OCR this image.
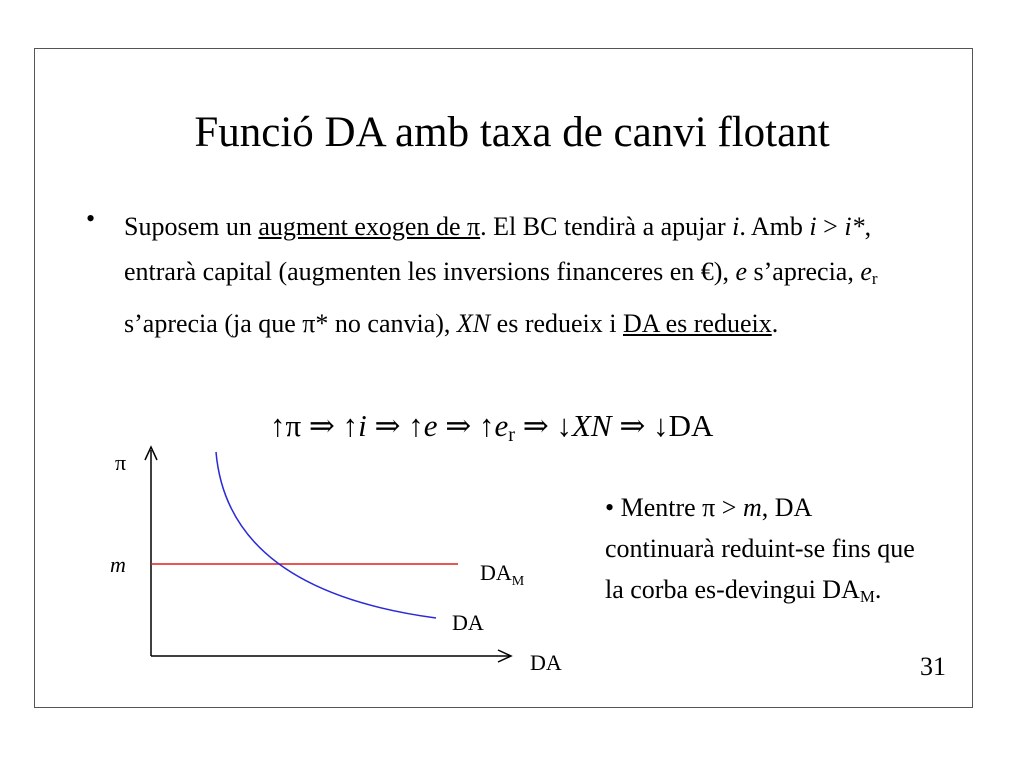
Funció DA amb taxa de canvi flotant
• Suposem un augment exogen de π. El BC tendirà a apujar i. Amb i > i*, entrarà capital (augmenten les inversions financeres en €), e s’aprecia, $e_r$ s’aprecia (ja que π* no canvia), XN es redueix i DA es redueix.
↑π ⇒ ↑i ⇒ ↑e ⇒ $↑e_r$ ⇒ ↓XN ⇒ ↓DA
π
m	$DA_M$
DA
DA
• Mentre π > m, DA continuarà reduint-se fins que la corba es-devingui $DA_M$.
31
